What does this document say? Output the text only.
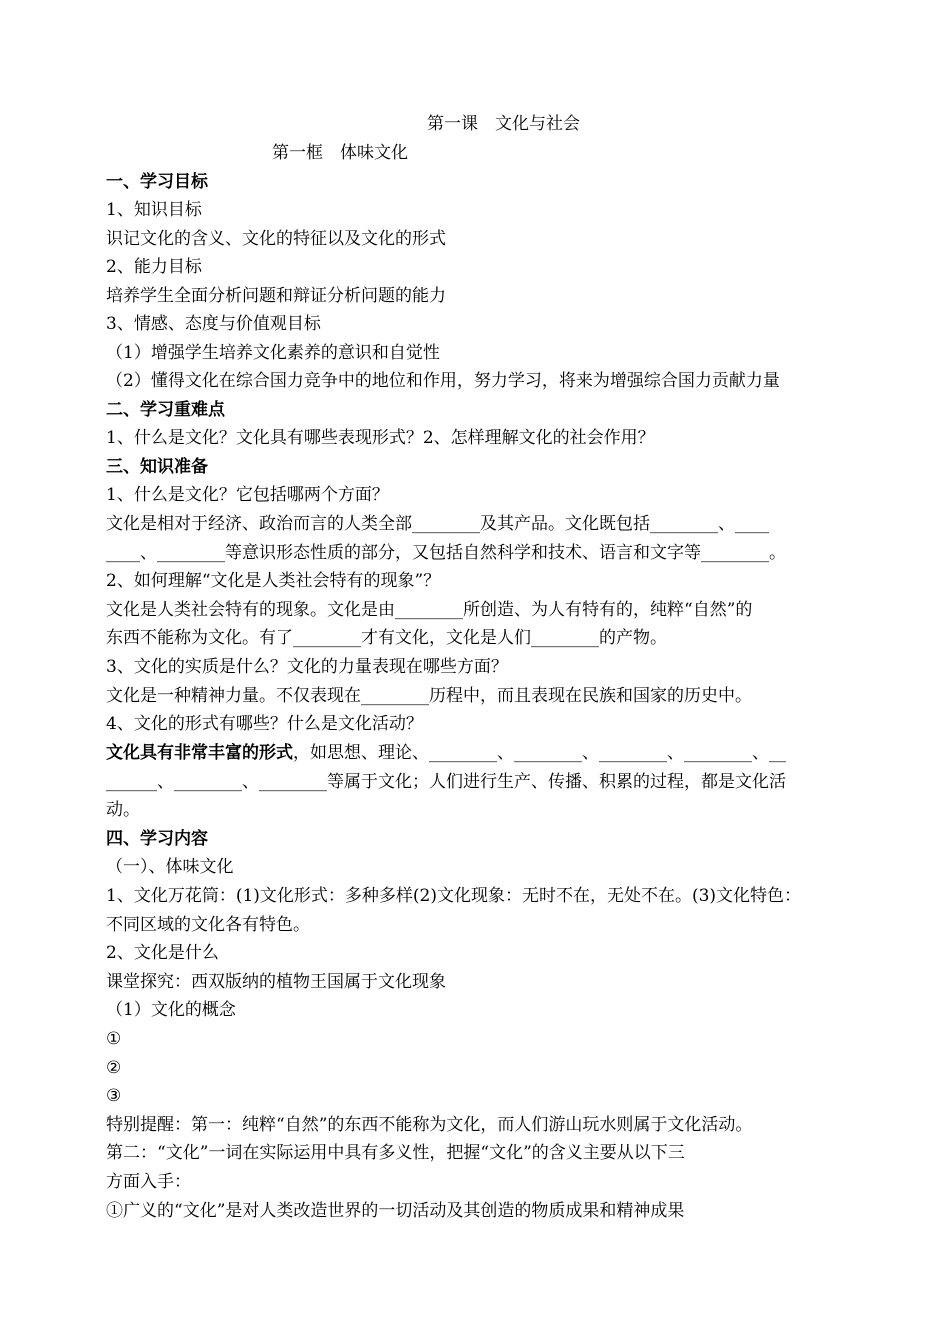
第一课　文化与社会
第一框　体味文化
一、学习目标
1、知识目标
识记文化的含义、文化的特征以及文化的形式
2、能力目标
培养学生全面分析问题和辩证分析问题的能力
3、情感、态度与价值观目标
（1）增强学生培养文化素养的意识和自觉性
（2）懂得文化在综合国力竞争中的地位和作用，努力学习，将来为增强综合国力贡献力量
二、学习重难点
1、什么是文化？文化具有哪些表现形式？2、怎样理解文化的社会作用？
三、知识准备
1、什么是文化？它包括哪两个方面？
文化是相对于经济、政治而言的人类全部________及其产品。文化既包括________、____
____、________等意识形态性质的部分，又包括自然科学和技术、语言和文字等________。
2、如何理解“文化是人类社会特有的现象”？
文化是人类社会特有的现象。文化是由________所创造、为人有特有的，纯粹“自然”的
东西不能称为文化。有了________才有文化，文化是人们________的产物。
3、文化的实质是什么？文化的力量表现在哪些方面？
文化是一种精神力量。不仅表现在________历程中，而且表现在民族和国家的历史中。
4、文化的形式有哪些？什么是文化活动？
文化具有非常丰富的形式，如思想、理论、________、________、________、________、__
______、________、________等属于文化；人们进行生产、传播、积累的过程，都是文化活
动。
四、学习内容
（一）、体味文化
1、文化万花筒：(1)文化形式：多种多样(2)文化现象：无时不在，无处不在。(3)文化特色：
不同区域的文化各有特色。
2、文化是什么
课堂探究：西双版纳的植物王国属于文化现象
（1）文化的概念
①
②
③
特别提醒：第一：纯粹“自然”的东西不能称为文化，而人们游山玩水则属于文化活动。
第二：“文化”一词在实际运用中具有多义性，把握“文化”的含义主要从以下三
方面入手：
①广义的“文化”是对人类改造世界的一切活动及其创造的物质成果和精神成果
